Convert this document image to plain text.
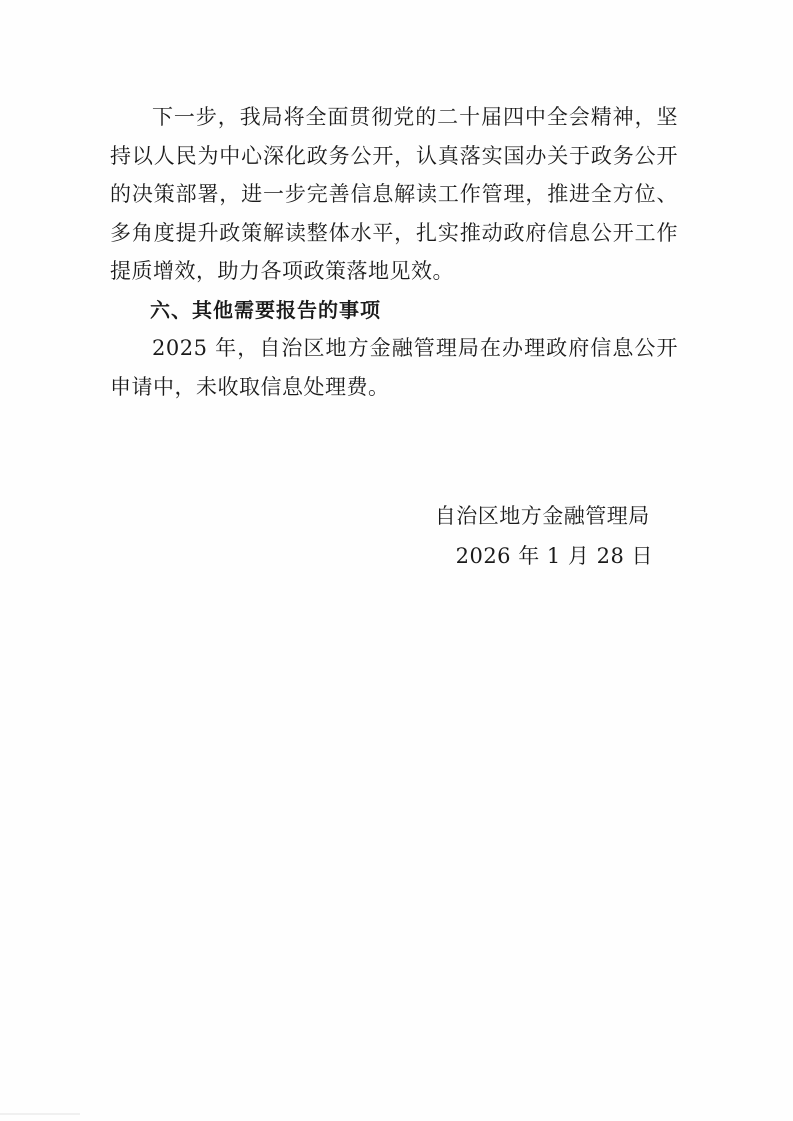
下一步，我局将全面贯彻党的二十届四中全会精神，坚持以人民为中心深化政务公开，认真落实国办关于政务公开的决策部署，进一步完善信息解读工作管理，推进全方位、多角度提升政策解读整体水平，扎实推动政府信息公开工作提质增效，助力各项政策落地见效。

六、其他需要报告的事项

2025 年，自治区地方金融管理局在办理政府信息公开申请中，未收取信息处理费。

自治区地方金融管理局
2026 年 1 月 28 日
